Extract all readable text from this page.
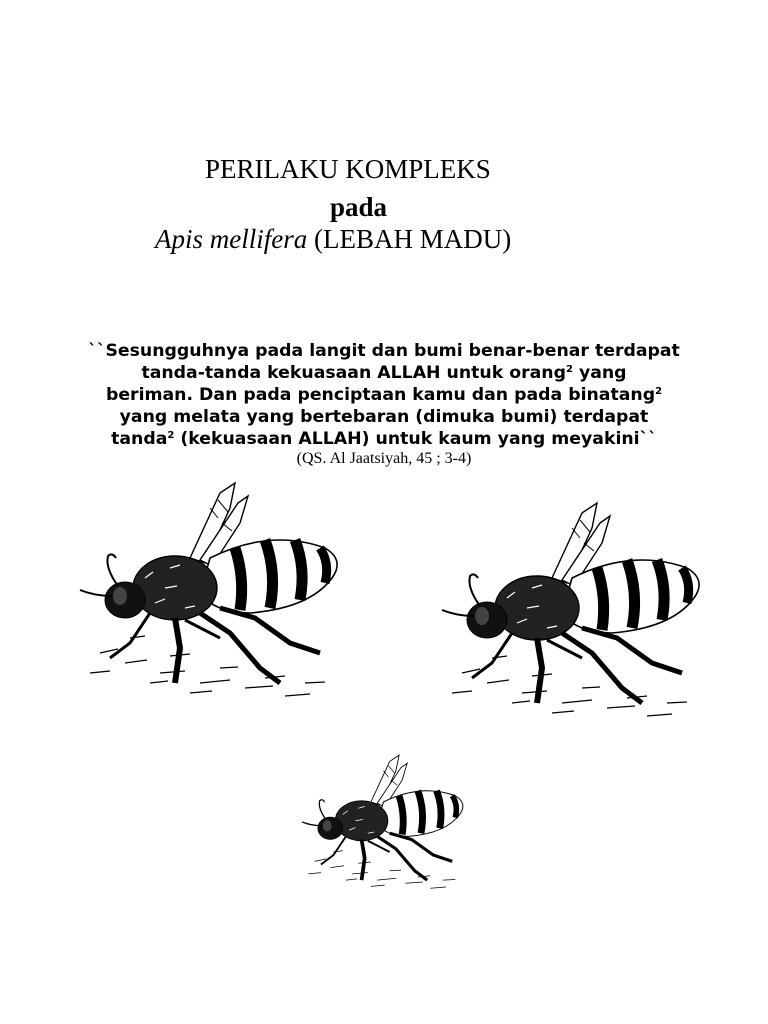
PERILAKU KOMPLEKS
pada
Apis mellifera (LEBAH MADU)
``Sesungguhnya pada langit dan bumi benar-benar terdapat
tanda-tanda kekuasaan ALLAH untuk orang$^2$ yang
beriman. Dan pada penciptaan kamu dan pada binatang$^2$
yang melata yang bertebaran (dimuka bumi) terdapat
tanda$^2$ (kekuasaan ALLAH) untuk kaum yang meyakini``
(QS. Al Jaatsiyah, 45 ; 3-4)
